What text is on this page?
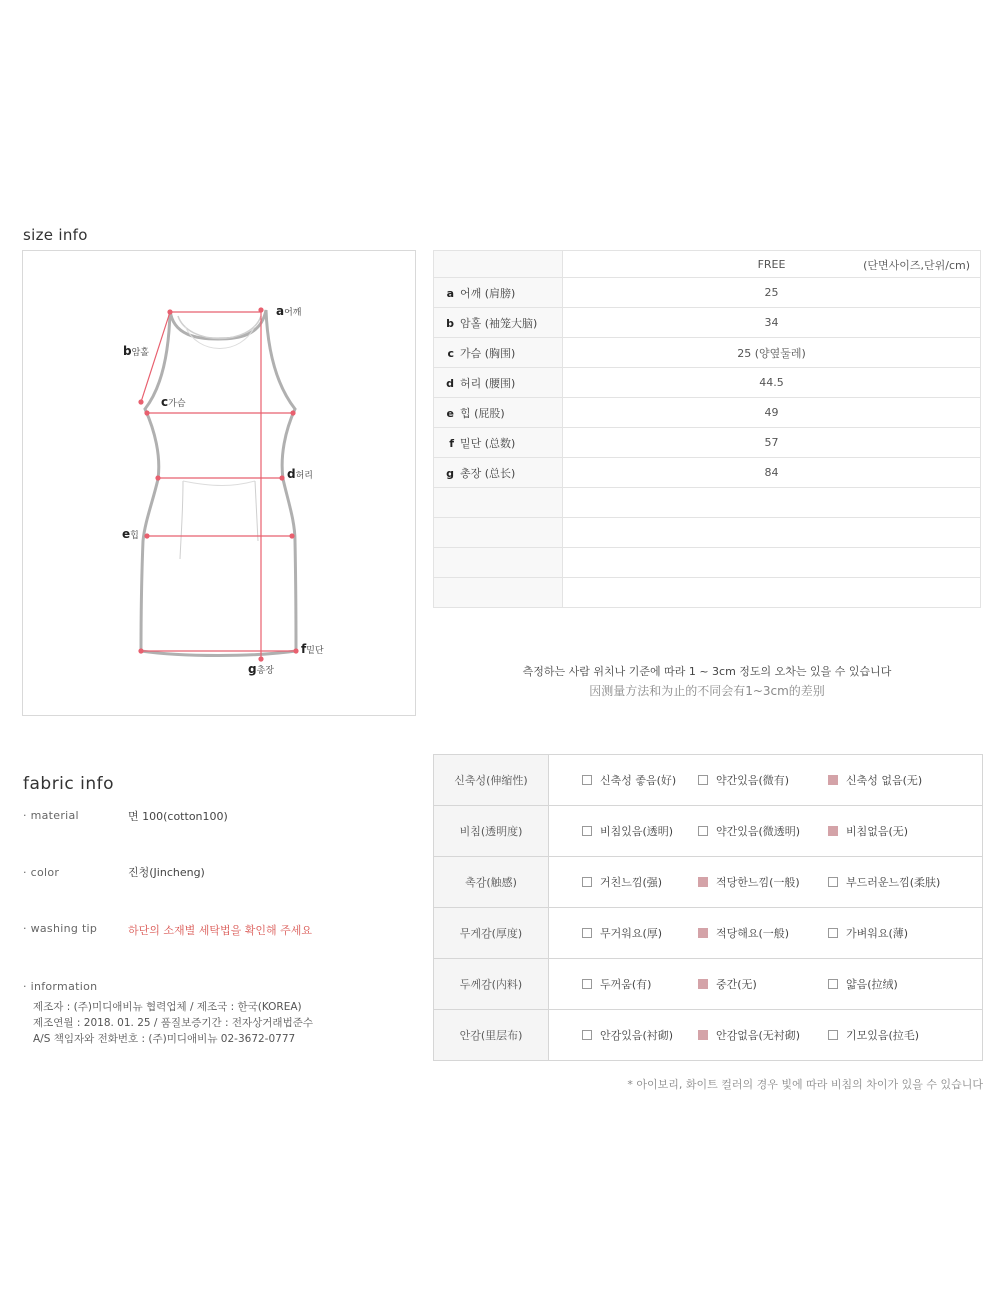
size info
a어깨
b암홀
c가슴
d허리
e힙
f밑단
g총장
	FREE (단면사이즈,단위/cm)

a 어깨 (肩膀)	25
b 암홀 (袖笼大脑)	34
c 가슴 (胸围)	25 (양옆둘레)
d 허리 (腰围)	44.5
e 힙 (屁股)	49
f 밑단 (总数)	57
g 총장 (总长)	84

측정하는 사람 위치나 기준에 따라 1 ~ 3cm 정도의 오차는 있을 수 있습니다
因测量方法和为止的不同会有1~3cm的差别
fabric info
· material	면 100(cotton100)
· color	진청(Jincheng)
· washing tip	하단의 소재별 세탁법을 확인해 주세요
· information
제조자 : (주)미디애비뉴 협력업체 / 제조국 : 한국(KOREA)
제조연월 : 2018. 01. 25 / 품질보증기간 : 전자상거래법준수
A/S 책임자와 전화번호 : (주)미디애비뉴 02-3672-0777
신축성(伸缩性)	신축성 좋음(好) 약간있음(微有) 신축성 없음(无)

비침(透明度)	비침있음(透明) 약간있음(微透明) 비침없음(无)

촉감(触感)	거친느낌(强) 적당한느낌(一般) 부드러운느낌(柔肤)

무게감(厚度)	무거워요(厚) 적당해요(一般) 가벼워요(薄)

두께감(内料)	두꺼움(有) 중간(无) 얇음(拉绒)

안감(里层布)	안감있음(衬砌) 안감없음(无衬砌) 기모있음(拉毛)
* 아이보리, 화이트 컬러의 경우 빛에 따라 비침의 차이가 있을 수 있습니다
